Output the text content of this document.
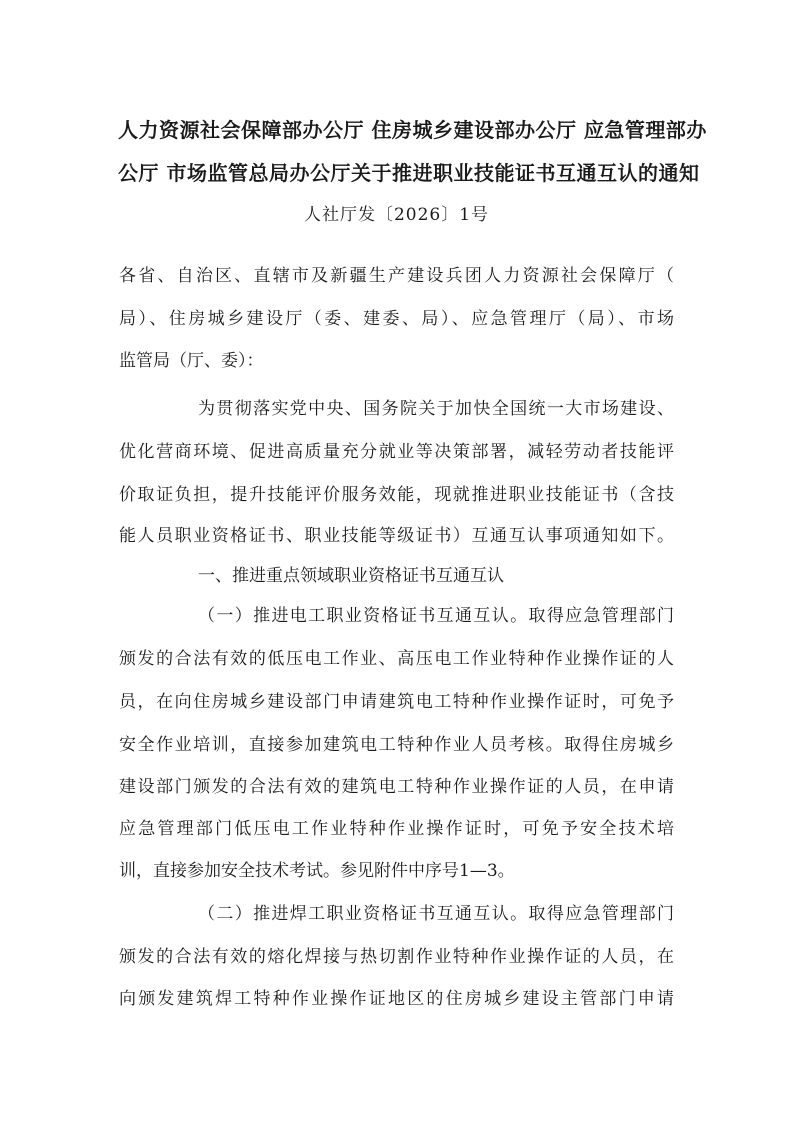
人力资源社会保障部办公厅 住房城乡建设部办公厅 应急管理部办
公厅 市场监管总局办公厅关于推进职业技能证书互通互认的通知
人社厅发〔2026〕1号
各省、自治区、直辖市及新疆生产建设兵团人力资源社会保障厅（
局）、住房城乡建设厅（委、建委、局）、应急管理厅（局）、市场
监管局（厅、委）：
为贯彻落实党中央、国务院关于加快全国统一大市场建设、
优化营商环境、促进高质量充分就业等决策部署，减轻劳动者技能评
价取证负担，提升技能评价服务效能，现就推进职业技能证书（含技
能人员职业资格证书、职业技能等级证书）互通互认事项通知如下。
一、推进重点领域职业资格证书互通互认
（一）推进电工职业资格证书互通互认。取得应急管理部门
颁发的合法有效的低压电工作业、高压电工作业特种作业操作证的人
员，在向住房城乡建设部门申请建筑电工特种作业操作证时，可免予
安全作业培训，直接参加建筑电工特种作业人员考核。取得住房城乡
建设部门颁发的合法有效的建筑电工特种作业操作证的人员，在申请
应急管理部门低压电工作业特种作业操作证时，可免予安全技术培
训，直接参加安全技术考试。参见附件中序号1—3。
（二）推进焊工职业资格证书互通互认。取得应急管理部门
颁发的合法有效的熔化焊接与热切割作业特种作业操作证的人员，在
向颁发建筑焊工特种作业操作证地区的住房城乡建设主管部门申请
